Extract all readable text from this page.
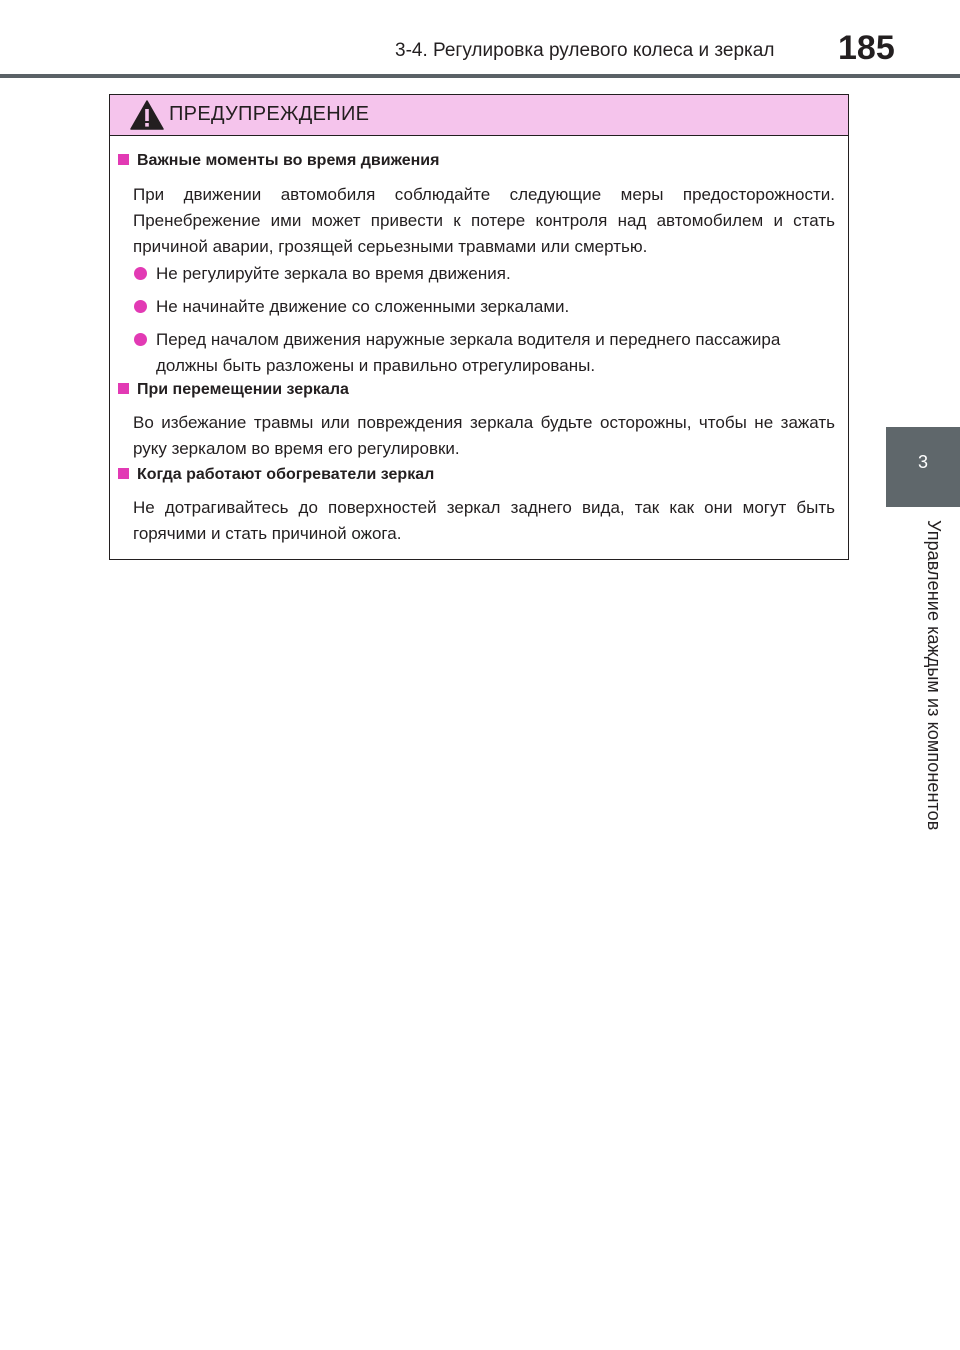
3-4. Регулировка рулевого колеса и зеркал 185
3
Управление каждым из компонентов
ПРЕДУПРЕЖДЕНИЕ
Важные моменты во время движения
При движении автомобиля соблюдайте следующие меры предосторожности. Пренебрежение ими может привести к потере контроля над автомобилем и стать причиной аварии, грозящей серьезными травмами или смертью.
Не регулируйте зеркала во время движения.
Не начинайте движение со сложенными зеркалами.
Перед началом движения наружные зеркала водителя и переднего пассажира должны быть разложены и правильно отрегулированы.
При перемещении зеркала
Во избежание травмы или повреждения зеркала будьте осторожны, чтобы не зажать руку зеркалом во время его регулировки.
Когда работают обогреватели зеркал
Не дотрагивайтесь до поверхностей зеркал заднего вида, так как они могут быть горячими и стать причиной ожога.
